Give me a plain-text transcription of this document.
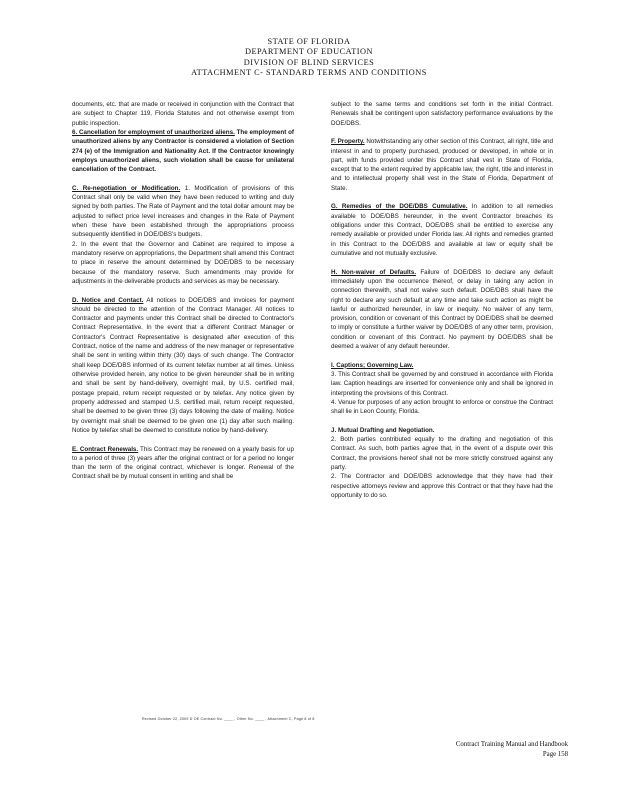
STATE OF FLORIDA
DEPARTMENT OF EDUCATION
DIVISION OF BLIND SERVICES
ATTACHMENT C- STANDARD TERMS AND CONDITIONS

documents, etc. that are made or received in conjunction with the Contract that are subject to Chapter 119, Florida Statutes and not otherwise exempt from public inspection.

6. Cancellation for employment of unauthorized aliens. The employment of unauthorized aliens by any Contractor is considered a violation of Section 274 (e) of the Immigration and Nationality Act. If the Contractor knowingly employs unauthorized aliens, such violation shall be cause for unilateral cancellation of the Contract.

C. Re-negotiation or Modification. 1. Modification of provisions of this Contract shall only be valid when they have been reduced to writing and duly signed by both parties. The Rate of Payment and the total dollar amount may be adjusted to reflect price level increases and changes in the Rate of Payment when these have been established through the appropriations process subsequently identified in DOE/DBS's budgets.

2. In the event that the Governor and Cabinet are required to impose a mandatory reserve on appropriations, the Department shall amend this Contract to place in reserve the amount determined by DOE/DBS to be necessary because of the mandatory reserve. Such amendments may provide for adjustments in the deliverable products and services as may be necessary.

D. Notice and Contact. All notices to DOE/DBS and invoices for payment should be directed to the attention of the Contract Manager. All notices to Contractor and payments under this Contract shall be directed to Contractor's Contract Representative. In the event that a different Contract Manager or Contractor's Contract Representative is designated after execution of this Contract, notice of the name and address of the new manager or representative shall be sent in writing within thirty (30) days of such change. The Contractor shall keep DOE/DBS informed of its current telefax number at all times. Unless otherwise provided herein, any notice to be given hereunder shall be in writing and shall be sent by hand-delivery, overnight mail, by U.S. certified mail, postage prepaid, return receipt requested or by telefax. Any notice given by properly addressed and stamped U.S. certified mail, return receipt requested, shall be deemed to be given three (3) days following the date of mailing. Notice by overnight mail shall be deemed to be given one (1) day after such mailing. Notice by telefax shall be deemed to constitute notice by hand-delivery.

E. Contract Renewals. This Contract may be renewed on a yearly basis for up to a period of three (3) years after the original contract or for a period no longer than the term of the original contract, whichever is longer. Renewal of the Contract shall be by mutual consent in writing and shall be

subject to the same terms and conditions set forth in the initial Contract. Renewals shall be contingent upon satisfactory performance evaluations by the DOE/DBS.

F. Property. Notwithstanding any other section of this Contract, all right, title and interest in and to property purchased, produced or developed, in whole or in part, with funds provided under this Contract shall vest in State of Florida, except that to the extent required by applicable law, the right, title and interest in and to intellectual property shall vest in the State of Florida, Department of State.

G. Remedies of the DOE/DBS Cumulative. In addition to all remedies available to DOE/DBS hereunder, in the event Contractor breaches its obligations under this Contract, DOE/DBS shall be entitled to exercise any remedy available or provided under Florida law. All rights and remedies granted in this Contract to the DOE/DBS and available at law or equity shall be cumulative and not mutually exclusive.

H. Non-waiver of Defaults. Failure of DOE/DBS to declare any default immediately upon the occurrence thereof, or delay in taking any action in connection therewith, shall not waive such default. DOE/DBS shall have the right to declare any such default at any time and take such action as might be lawful or authorized hereunder, in law or inequity. No waiver of any term, provision, condition or covenant of this Contract by DOE/DBS shall be deemed to imply or constitute a further waiver by DOE/DBS of any other term, provision, condition or covenant of this Contract. No payment by DOE/DBS shall be deemed a waiver of any default hereunder.

I. Captions; Governing Law.

3. This Contract shall be governed by and construed in accordance with Florida law. Caption headings are inserted for convenience only and shall be ignored in interpreting the provisions of this Contract.

4. Venue for purposes of any action brought to enforce or construe the Contract shall lie in Leon County, Florida.

J. Mutual Drafting and Negotiation.

2. Both parties contributed equally to the drafting and negotiation of this Contract. As such, both parties agree that, in the event of a dispute over this Contract, the provisions hereof shall not be more strictly construed against any party.

2. The Contractor and DOE/DBS acknowledge that they have had their respective attorneys review and approve this Contract or that they have had the opportunity to do so.

Revised October 22, 2009 D OE Contract No. ____ , Other No. ____ , Attachment C, Page 8 of 8
Contract Training Manual and Handbook
Page 158
